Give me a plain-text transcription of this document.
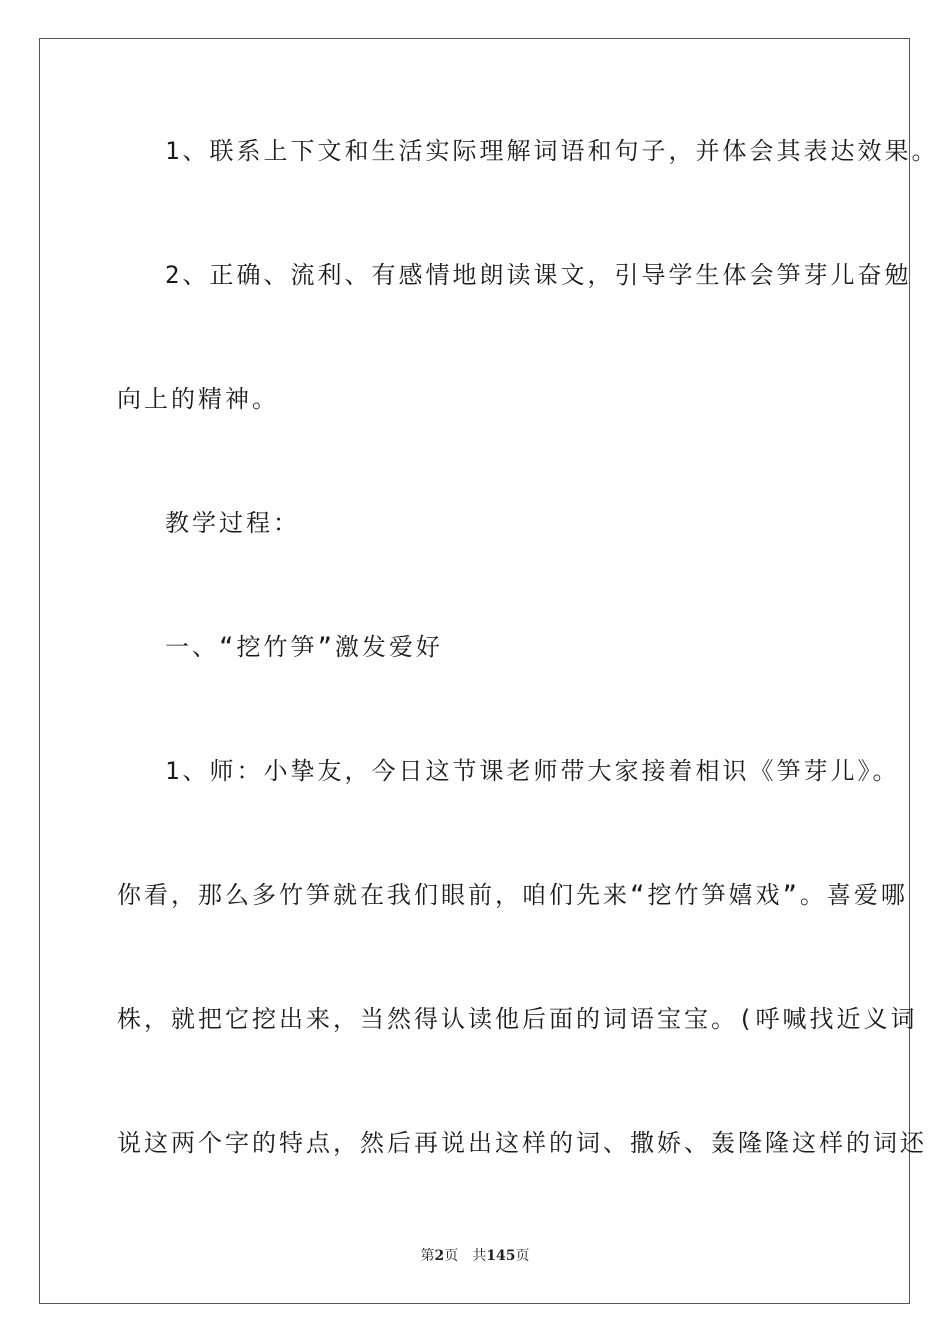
1、联系上下文和生活实际理解词语和句子，并体会其表达效果。
2、正确、流利、有感情地朗读课文，引导学生体会笋芽儿奋勉
向上的精神。
教学过程：
一、“挖竹笋”激发爱好
1、师：小挚友，今日这节课老师带大家接着相识《笋芽儿》。
你看，那么多竹笋就在我们眼前，咱们先来“挖竹笋嬉戏”。喜爱哪
株，就把它挖出来，当然得认读他后面的词语宝宝。(呼喊找近义词
说这两个字的特点，然后再说出这样的词、撒娇、轰隆隆这样的词还
第2页 共145页
